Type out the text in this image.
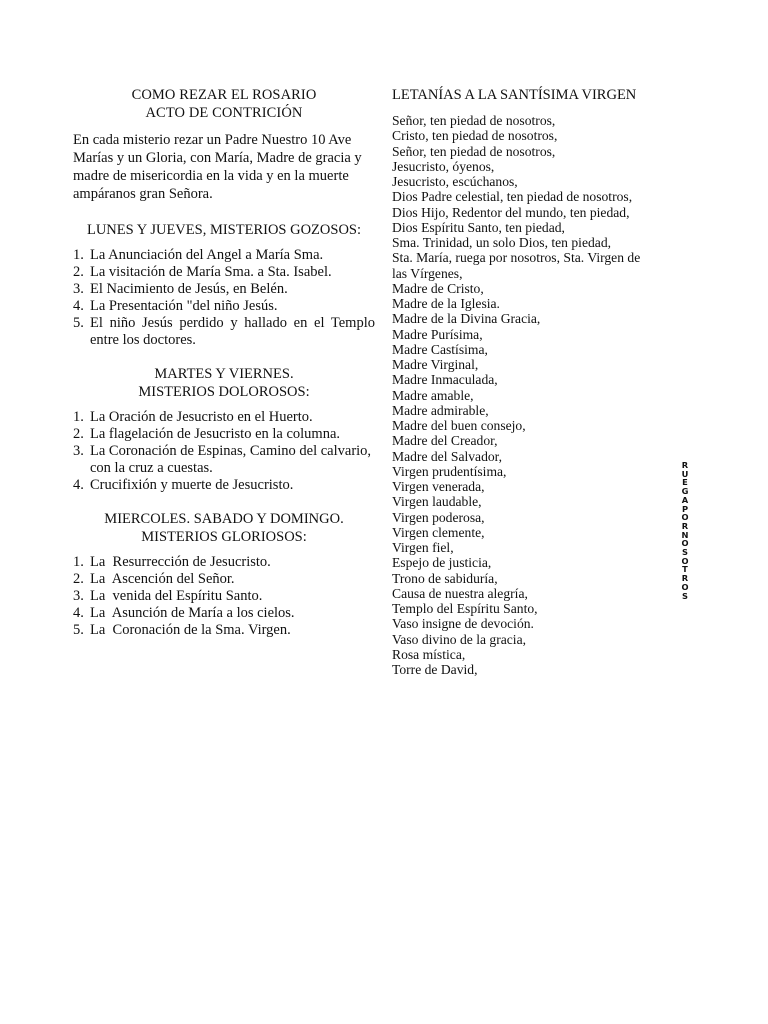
COMO REZAR EL ROSARIO
ACTO DE CONTRICIÓN
En cada misterio rezar un Padre Nuestro 10 Ave Marías y un Gloria, con María, Madre de gracia y madre de misericordia en la vida y en la muerte ampáranos gran Señora.
LUNES Y JUEVES, MISTERIOS GOZOSOS:
1. La Anunciación del Angel a María Sma.
2. La visitación de María Sma. a Sta. Isabel.
3. El Nacimiento de Jesús, en Belén.
4. La Presentación "del niño Jesús.
5. El niño Jesús perdido y hallado en el Templo entre los doctores.
MARTES Y VIERNES.
MISTERIOS DOLOROSOS:
1. La Oración de Jesucristo en el Huerto.
2. La flagelación de Jesucristo en la columna.
3. La Coronación de Espinas, Camino del calvario, con la cruz a cuestas.
4. Crucifixión y muerte de Jesucristo.
MIERCOLES. SABADO Y DOMINGO.
MISTERIOS GLORIOSOS:
1. La  Resurrección de Jesucristo.
2. La  Ascención del Señor.
3. La  venida del Espíritu Santo.
4. La  Asunción de María a los cielos.
5. La  Coronación de la Sma. Virgen.
LETANÍAS A LA SANTÍSIMA VIRGEN
Señor, ten piedad de nosotros,
Cristo, ten piedad de nosotros,
Señor, ten piedad de nosotros,
Jesucristo, óyenos,
Jesucristo, escúchanos,
Dios Padre celestial, ten piedad de nosotros,
Dios Hijo, Redentor del mundo, ten piedad,
Dios Espíritu Santo, ten piedad,
Sma. Trinidad, un solo Dios, ten piedad,
Sta. María, ruega por nosotros, Sta. Virgen de
las Vírgenes,
Madre de Cristo,
Madre de la Iglesia.
Madre de la Divina Gracia,
Madre Purísima,
Madre Castísima,
Madre Virginal,
Madre Inmaculada,
Madre amable,
Madre admirable,
Madre del buen consejo,
Madre del Creador,
Madre del Salvador,
Virgen prudentísima,
Virgen venerada,
Virgen laudable,
Virgen poderosa,
Virgen clemente,
Virgen fiel,
Espejo de justicia,
Trono de sabiduría,
Causa de nuestra alegría,
Templo del Espíritu Santo,
Vaso insigne de devoción.
Vaso divino de la gracia,
Rosa mística,
Torre de David,
R
U
E
G
A
P
O
R
N
O
S
O
T
R
O
S
